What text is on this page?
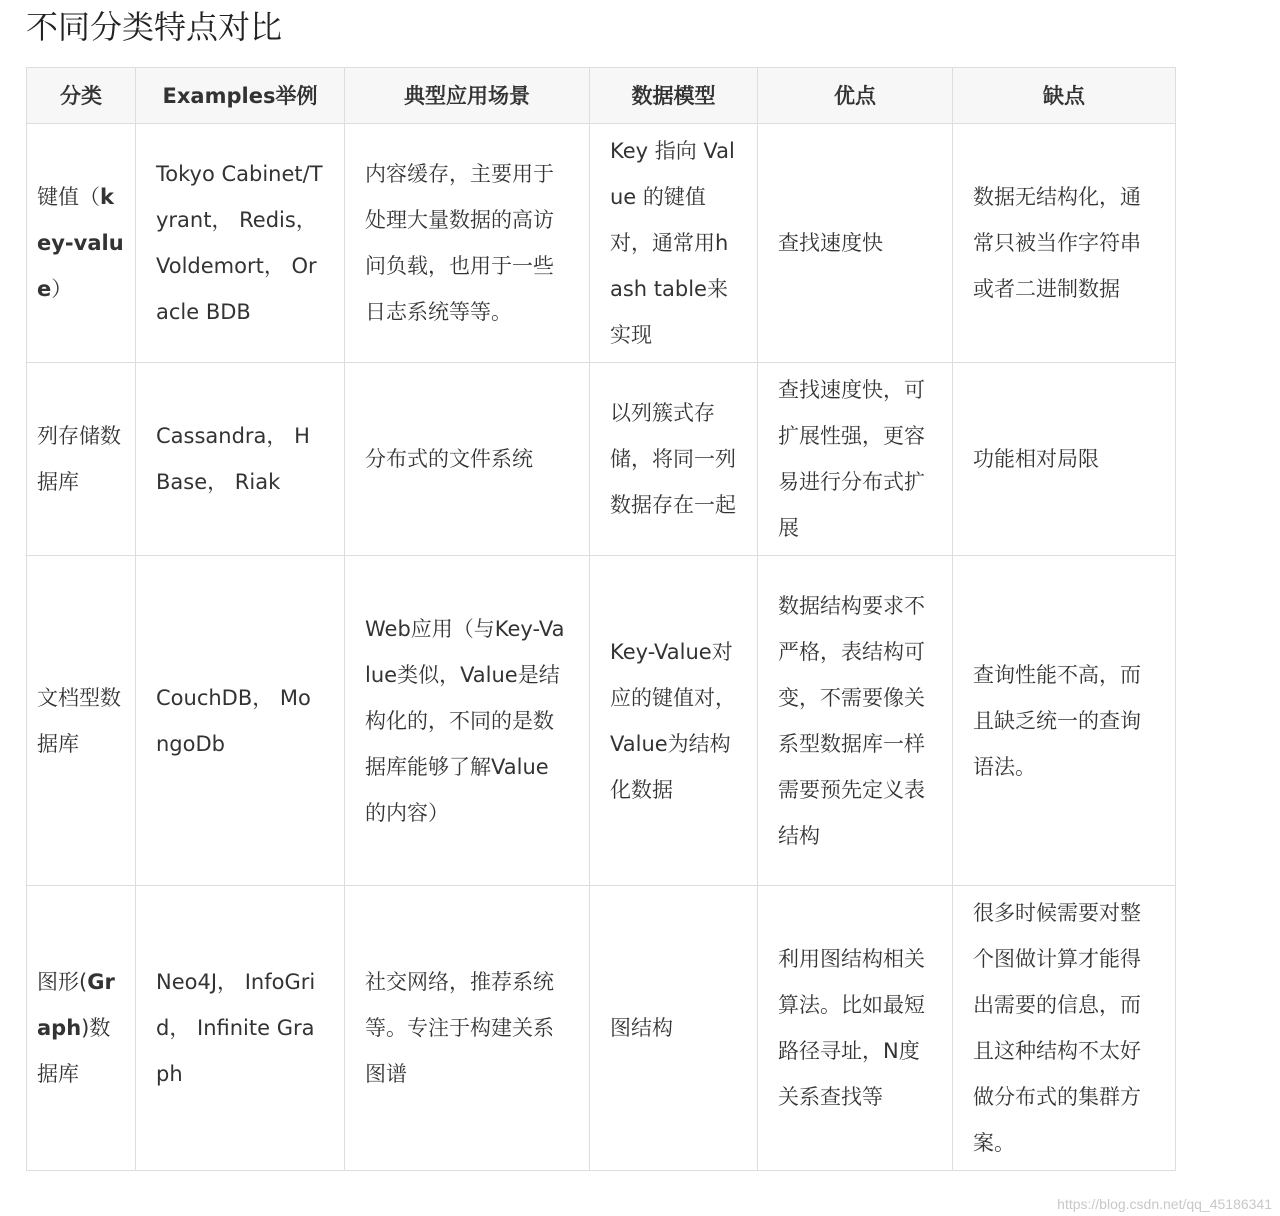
不同分类特点对比
分类	Examples举例	典型应用场景	数据模型	优点	缺点

键值（key-value）	Tokyo Cabinet/Tyrant， Redis， Voldemort， Oracle BDB	内容缓存，主要用于处理大量数据的高访问负载，也用于一些日志系统等等。	Key 指向 Value 的键值对，通常用hash table来实现	查找速度快	数据无结构化，通常只被当作字符串或者二进制数据
列存储数据库	Cassandra， HBase， Riak	分布式的文件系统	以列簇式存储，将同一列数据存在一起	查找速度快，可扩展性强，更容易进行分布式扩展	功能相对局限
文档型数据库	CouchDB， MongoDb	Web应用（与Key-Value类似，Value是结构化的，不同的是数据库能够了解Value的内容）	Key-Value对应的键值对，Value为结构化数据	数据结构要求不严格，表结构可变，不需要像关系型数据库一样需要预先定义表结构	查询性能不高，而且缺乏统一的查询语法。

图形(Graph)数据库	Neo4J， InfoGrid， Infinite Graph	社交网络，推荐系统等。专注于构建关系图谱	图结构	利用图结构相关算法。比如最短路径寻址，N度关系查找等	很多时候需要对整个图做计算才能得出需要的信息，而且这种结构不太好做分布式的集群方案。
https://blog.csdn.net/qq_45186341
